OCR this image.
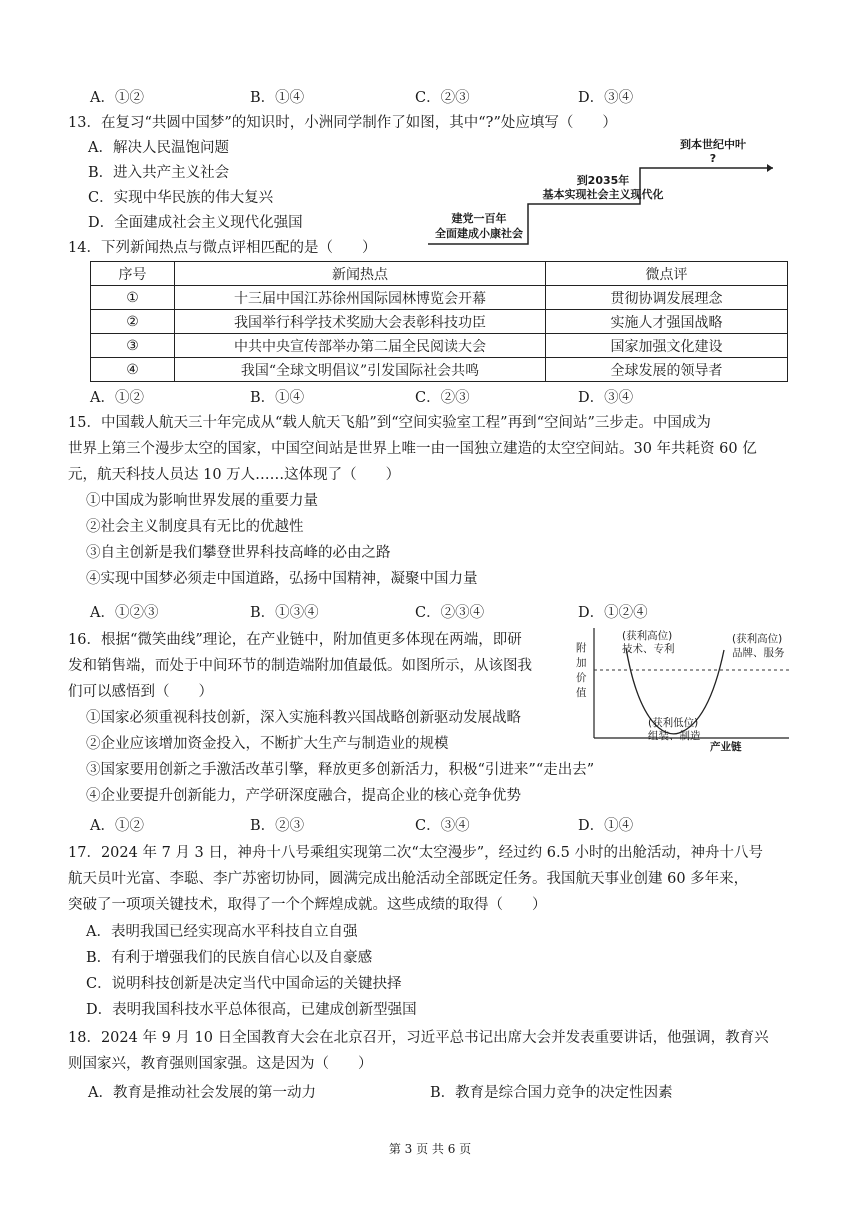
A．①②	B．①④	C．②③	D．③④
13．在复习“共圆中国梦”的知识时，小洲同学制作了如图，其中“?”处应填写（　　）
A．解决人民温饱问题
B．进入共产主义社会
C．实现中华民族的伟大复兴
D．全面建成社会主义现代化强国	建党一百年
全面建成小康社会
到2035年
基本实现社会主义现代化
到本世纪中叶
?
14．下列新闻热点与微点评相匹配的是（　　）
序号	新闻热点	微点评
①	十三届中国江苏徐州国际园林博览会开幕	贯彻协调发展理念
②	我国举行科学技术奖励大会表彰科技功臣	实施人才强国战略
③	中共中央宣传部举办第二届全民阅读大会	国家加强文化建设
④	我国“全球文明倡议”引发国际社会共鸣	全球发展的领导者
A．①②	B．①④	C．②③	D．③④
15．中国载人航天三十年完成从“载人航天飞船”到“空间实验室工程”再到“空间站”三步走。中国成为
世界上第三个漫步太空的国家，中国空间站是世界上唯一由一国独立建造的太空空间站。30 年共耗资 60 亿
元，航天科技人员达 10 万人……这体现了（　　）
①中国成为影响世界发展的重要力量
②社会主义制度具有无比的优越性
③自主创新是我们攀登世界科技高峰的必由之路
④实现中国梦必须走中国道路，弘扬中国精神，凝聚中国力量
A．①②③	B．①③④	C．②③④	D．①②④
16．根据“微笑曲线”理论，在产业链中，附加值更多体现在两端，即研
发和销售端，而处于中间环节的制造端附加值最低。如图所示，从该图我
们可以感悟到（　　）
①国家必须重视科技创新，深入实施科教兴国战略创新驱动发展战略
②企业应该增加资金投入，不断扩大生产与制造业的规模
③国家要用创新之手激活改革引擎，释放更多创新活力，积极“引进来”“走出去”
④企业要提升创新能力，产学研深度融合，提高企业的核心竞争优势
A．①②	B．②③	C．③④	D．①④
附
加
价
值
(获利高位)
技术、专利
(获利高位)
品牌、服务
(获利低位)
组装、制造
产业链
17．2024 年 7 月 3 日，神舟十八号乘组实现第二次“太空漫步”，经过约 6.5 小时的出舱活动，神舟十八号
航天员叶光富、李聪、李广苏密切协同，圆满完成出舱活动全部既定任务。我国航天事业创建 60 多年来，
突破了一项项关键技术，取得了一个个辉煌成就。这些成绩的取得（　　）
A．表明我国已经实现高水平科技自立自强
B．有利于增强我们的民族自信心以及自豪感
C．说明科技创新是决定当代中国命运的关键抉择
D．表明我国科技水平总体很高，已建成创新型强国
18．2024 年 9 月 10 日全国教育大会在北京召开，习近平总书记出席大会并发表重要讲话，他强调，教育兴
则国家兴，教育强则国家强。这是因为（　　）
A．教育是推动社会发展的第一动力	B．教育是综合国力竞争的决定性因素
第 3 页 共 6 页
